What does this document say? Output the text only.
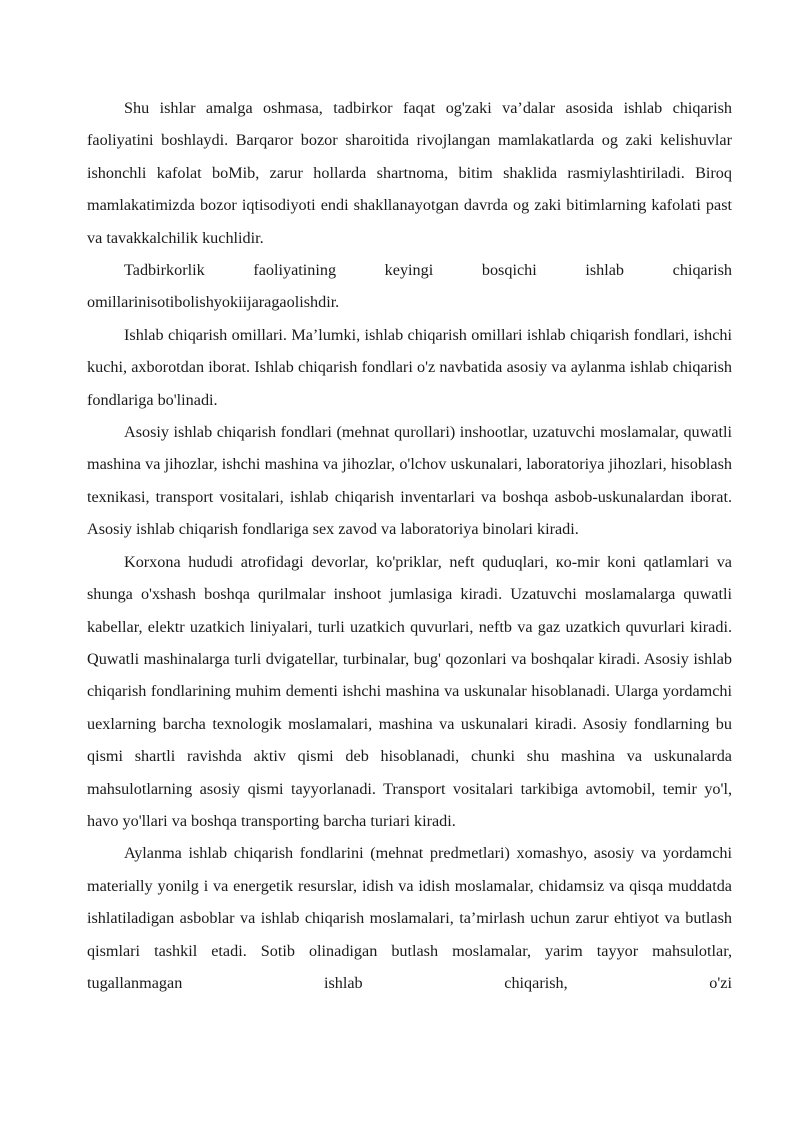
Shu ishlar amalga oshmasa, tadbirkor faqat og'zaki va’dalar asosida ishlab chiqarish faoliyatini boshlaydi. Barqaror bozor sharoitida rivojlangan mamlakatlarda og zaki kelishuvlar ishonchli kafolat boMib, zarur hollarda shartnoma, bitim shaklida rasmiylashtiriladi. Biroq mamlakatimizda bozor iqtisodiyoti endi shakllanayotgan davrda og zaki bitimlarning kafolati past va tavakkalchilik kuchlidir.

Tadbirkorlik faoliyatining keyingi bosqichi ishlab chiqarish omillarinisotibolishyokiijaragaolishdir.

Ishlab chiqarish omillari. Ma’lumki, ishlab chiqarish omillari ishlab chiqarish fondlari, ishchi kuchi, axborotdan iborat. Ishlab chiqarish fondlari o'z navbatida asosiy va aylanma ishlab chiqarish fondlariga bo'linadi.

Asosiy ishlab chiqarish fondlari (mehnat qurollari) inshootlar, uzatuvchi moslamalar, quwatli mashina va jihozlar, ishchi mashina va jihozlar, o'lchov uskunalari, laboratoriya jihozlari, hisoblash texnikasi, transport vositalari, ishlab chiqarish inventarlari va boshqa asbob-uskunalardan iborat. Asosiy ishlab chiqarish fondlariga sex zavod va laboratoriya binolari kiradi.

Korxona hududi atrofidagi devorlar, ko'priklar, neft quduqlari, кo-mir koni qatlamlari va shunga o'xshash boshqa qurilmalar inshoot jumlasiga kiradi. Uzatuvchi moslamalarga quwatli kabellar, elektr uzatkich liniyalari, turli uzatkich quvurlari, neftb va gaz uzatkich quvurlari kiradi. Quwatli mashinalarga turli dvigatellar, turbinalar, bug' qozonlari va boshqalar kiradi. Asosiy ishlab chiqarish fondlarining muhim dementi ishchi mashina va uskunalar hisoblanadi. Ularga yordamchi uexlarning barcha texnologik moslamalari, mashina va uskunalari kiradi. Asosiy fondlarning bu qismi shartli ravishda aktiv qismi deb hisoblanadi, chunki shu mashina va uskunalarda mahsulotlarning asosiy qismi tayyorlanadi. Transport vositalari tarkibiga avtomobil, temir yo'l, havo yo'llari va boshqa transporting barcha turiari kiradi.

Aylanma ishlab chiqarish fondlarini (mehnat predmetlari) xomashyo, asosiy va yordamchi materially yonilg i va energetik resurslar, idish va idish moslamalar, chidamsiz va qisqa muddatda ishlatiladigan asboblar va ishlab chiqarish moslamalari, ta’mirlash uchun zarur ehtiyot va butlash qismlari tashkil etadi. Sotib olinadigan butlash moslamalar, yarim tayyor mahsulotlar, tugallanmagan ishlab chiqarish, o'zi
